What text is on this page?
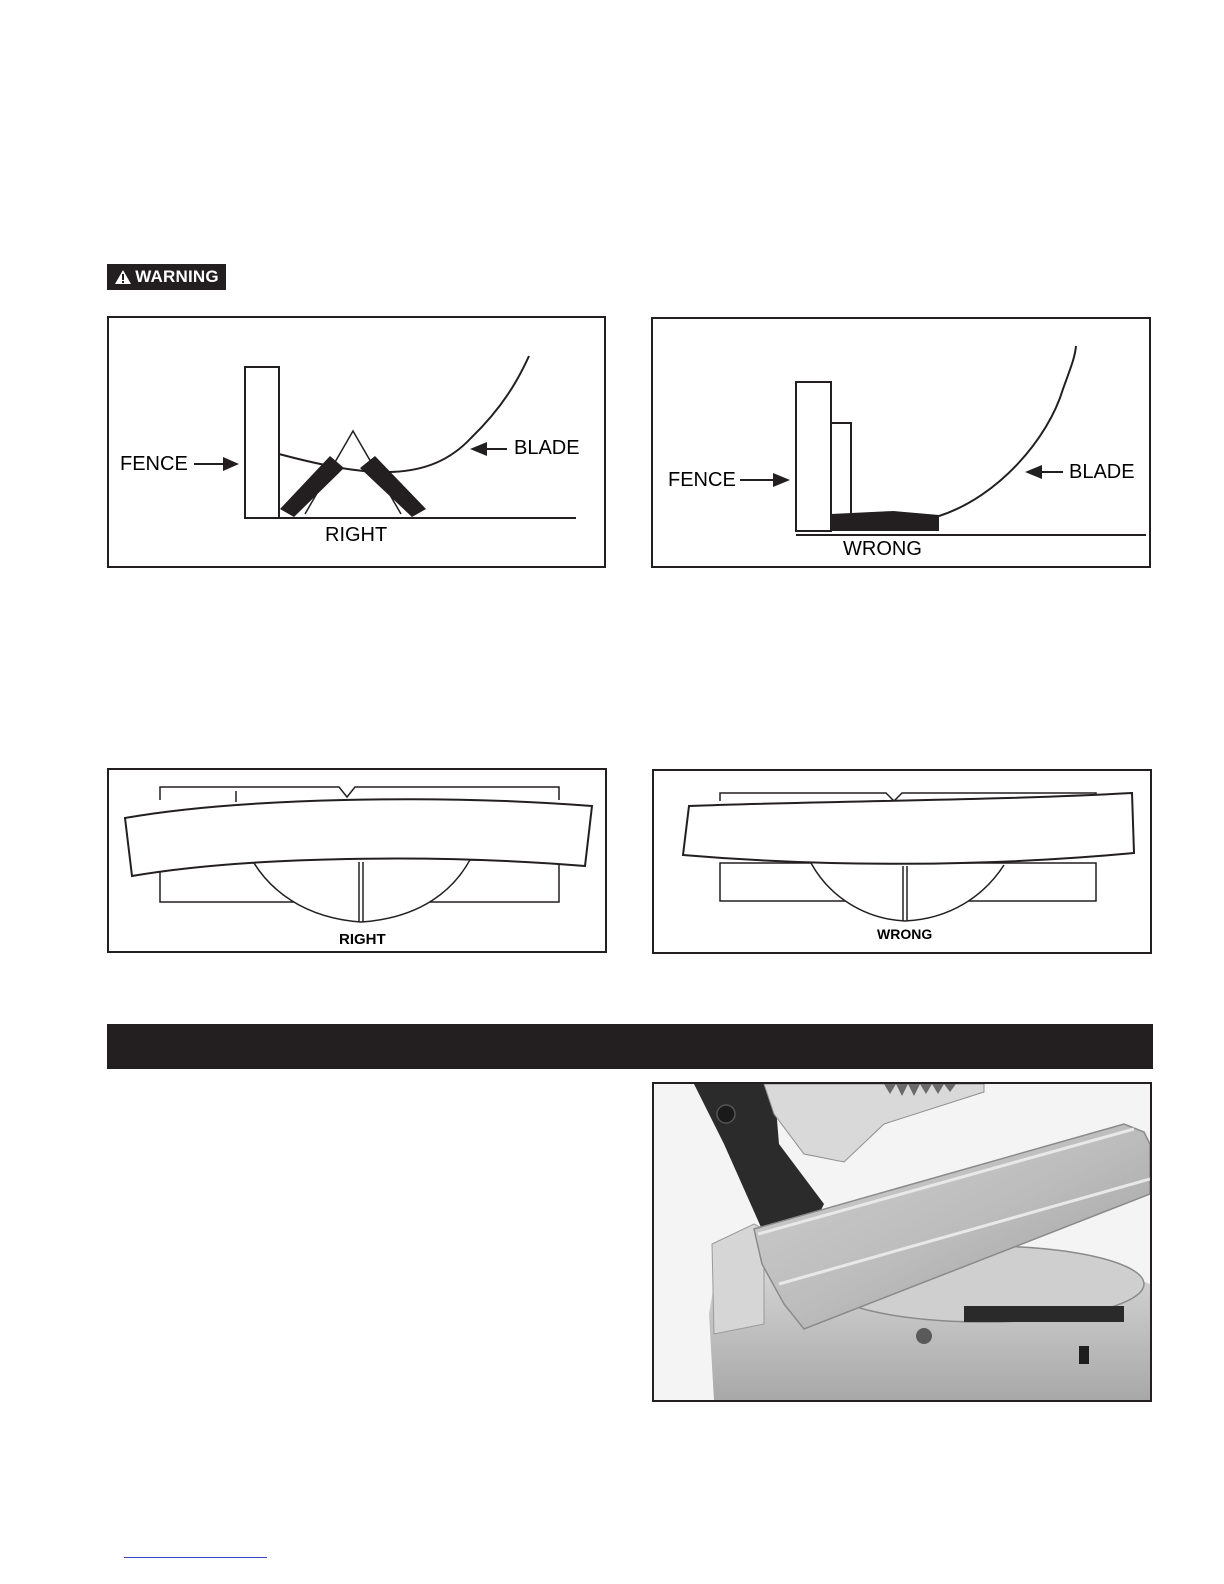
WARNING
FENCE
BLADE
RIGHT
FENCE	BLADE
WRONG
RIGHT	WRONG
